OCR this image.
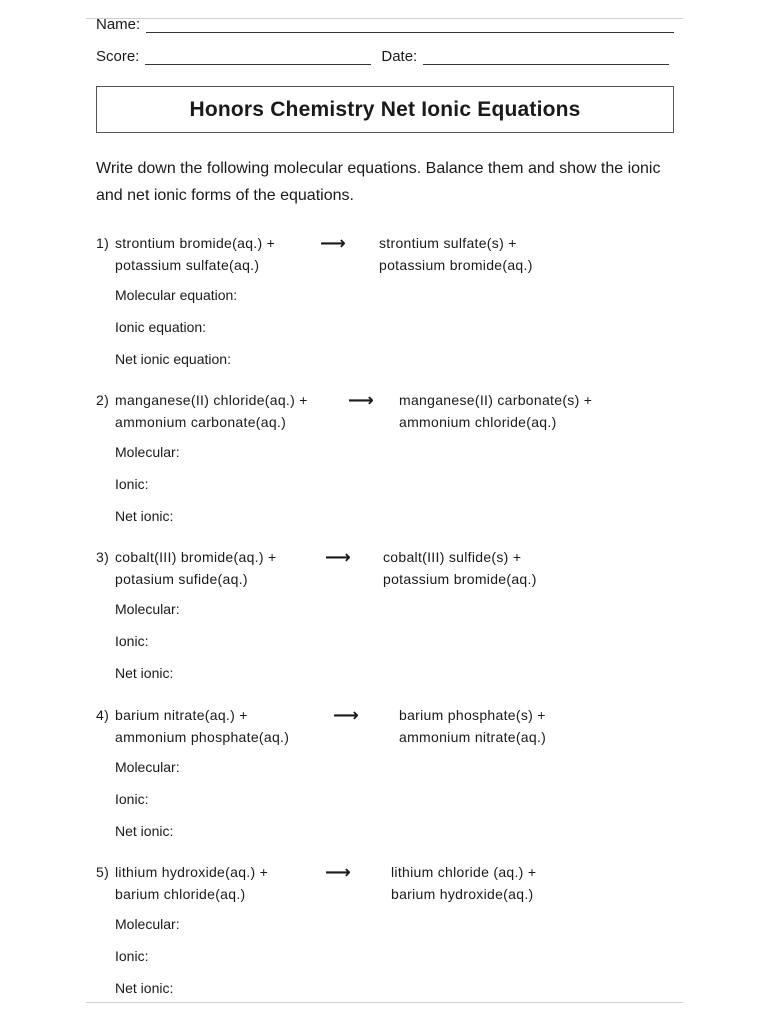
Name:
Score:	Date:
Honors Chemistry Net Ionic Equations
Write down the following molecular equations. Balance them and show the ionic and net ionic forms of the equations.
1) strontium bromide(aq.) +
potassium sulfate(aq.)
⟶ strontium sulfate(s) +
potassium bromide(aq.)
Molecular equation:
Ionic equation:
Net ionic equation:
2) manganese(II) chloride(aq.) +
ammonium carbonate(aq.)
⟶ manganese(II) carbonate(s) +
ammonium chloride(aq.)
Molecular:
Ionic:
Net ionic:
3) cobalt(III) bromide(aq.) +
potasium sufide(aq.)
⟶ cobalt(III) sulfide(s) +
potassium bromide(aq.)
Molecular:
Ionic:
Net ionic:
4) barium nitrate(aq.) +
ammonium phosphate(aq.)
⟶	barium phosphate(s) +
ammonium nitrate(aq.)
Molecular:
Ionic:
Net ionic:
5) lithium hydroxide(aq.) +
barium chloride(aq.)
⟶	lithium chloride (aq.) +
barium hydroxide(aq.)
Molecular:
Ionic:
Net ionic:
